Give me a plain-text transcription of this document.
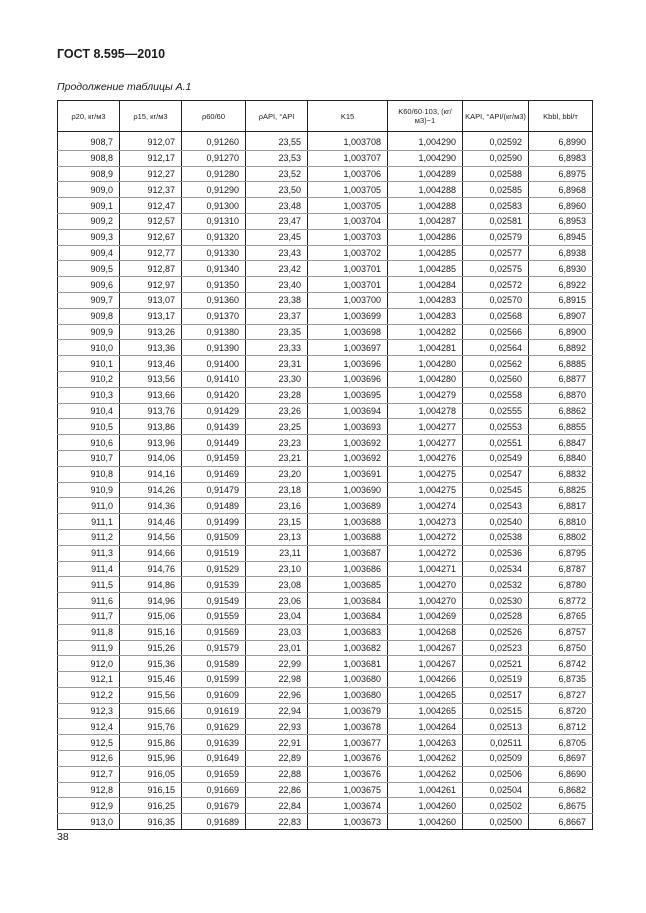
ГОСТ 8.595—2010
Продолжение таблицы А.1
ρ20, кг/м3	ρ15, кг/м3	ρ60/60	ρAPI, °API	K15	K60/60·103, (кг/м3)−1	KAPI, °API/(кг/м3)	Kbbl, bbl/т
908,7	912,07	0,91260	23,55	1,003708	1,004290	0,02592	6,8990
908,8	912,17	0,91270	23,53	1,003707	1,004290	0,02590	6,8983
908,9	912,27	0,91280	23,52	1,003706	1,004289	0,02588	6,8975
909,0	912,37	0,91290	23,50	1,003705	1,004288	0,02585	6,8968
909,1	912,47	0,91300	23,48	1,003705	1,004288	0,02583	6,8960
909,2	912,57	0,91310	23,47	1,003704	1,004287	0,02581	6,8953
909,3	912,67	0,91320	23,45	1,003703	1,004286	0,02579	6,8945
909,4	912,77	0,91330	23,43	1,003702	1,004285	0,02577	6,8938
909,5	912,87	0,91340	23,42	1,003701	1,004285	0,02575	6,8930
909,6	912,97	0,91350	23,40	1,003701	1,004284	0,02572	6,8922
909,7	913,07	0,91360	23,38	1,003700	1,004283	0,02570	6,8915
909,8	913,17	0,91370	23,37	1,003699	1,004283	0,02568	6,8907
909,9	913,26	0,91380	23,35	1,003698	1,004282	0,02566	6,8900
910,0	913,36	0,91390	23,33	1,003697	1,004281	0,02564	6,8892
910,1	913,46	0,91400	23,31	1,003696	1,004280	0,02562	6,8885
910,2	913,56	0,91410	23,30	1,003696	1,004280	0,02560	6,8877
910,3	913,66	0,91420	23,28	1,003695	1,004279	0,02558	6,8870
910,4	913,76	0,91429	23,26	1,003694	1,004278	0,02555	6,8862
910,5	913,86	0,91439	23,25	1,003693	1,004277	0,02553	6,8855
910,6	913,96	0,91449	23,23	1,003692	1,004277	0,02551	6,8847
910,7	914,06	0,91459	23,21	1,003692	1,004276	0,02549	6,8840
910,8	914,16	0,91469	23,20	1,003691	1,004275	0,02547	6,8832
910,9	914,26	0,91479	23,18	1,003690	1,004275	0,02545	6,8825
911,0	914,36	0,91489	23,16	1,003689	1,004274	0,02543	6,8817
911,1	914,46	0,91499	23,15	1,003688	1,004273	0,02540	6,8810
911,2	914,56	0,91509	23,13	1,003688	1,004272	0,02538	6,8802
911,3	914,66	0,91519	23,11	1,003687	1,004272	0,02536	6,8795
911,4	914,76	0,91529	23,10	1,003686	1,004271	0,02534	6,8787
911,5	914,86	0,91539	23,08	1,003685	1,004270	0,02532	6,8780
911,6	914,96	0,91549	23,06	1,003684	1,004270	0,02530	6,8772
911,7	915,06	0,91559	23,04	1,003684	1,004269	0,02528	6,8765
911,8	915,16	0,91569	23,03	1,003683	1,004268	0,02526	6,8757
911,9	915,26	0,91579	23,01	1,003682	1,004267	0,02523	6,8750
912,0	915,36	0,91589	22,99	1,003681	1,004267	0,02521	6,8742
912,1	915,46	0,91599	22,98	1,003680	1,004266	0,02519	6,8735
912,2	915,56	0,91609	22,96	1,003680	1,004265	0,02517	6,8727
912,3	915,66	0,91619	22,94	1,003679	1,004265	0,02515	6,8720
912,4	915,76	0,91629	22,93	1,003678	1,004264	0,02513	6,8712
912,5	915,86	0,91639	22,91	1,003677	1,004263	0,02511	6,8705
912,6	915,96	0,91649	22,89	1,003676	1,004262	0,02509	6,8697
912,7	916,05	0,91659	22,88	1,003676	1,004262	0,02506	6,8690
912,8	916,15	0,91669	22,86	1,003675	1,004261	0,02504	6,8682
912,9	916,25	0,91679	22,84	1,003674	1,004260	0,02502	6,8675
913,0	916,35	0,91689	22,83	1,003673	1,004260	0,02500	6,8667
38
